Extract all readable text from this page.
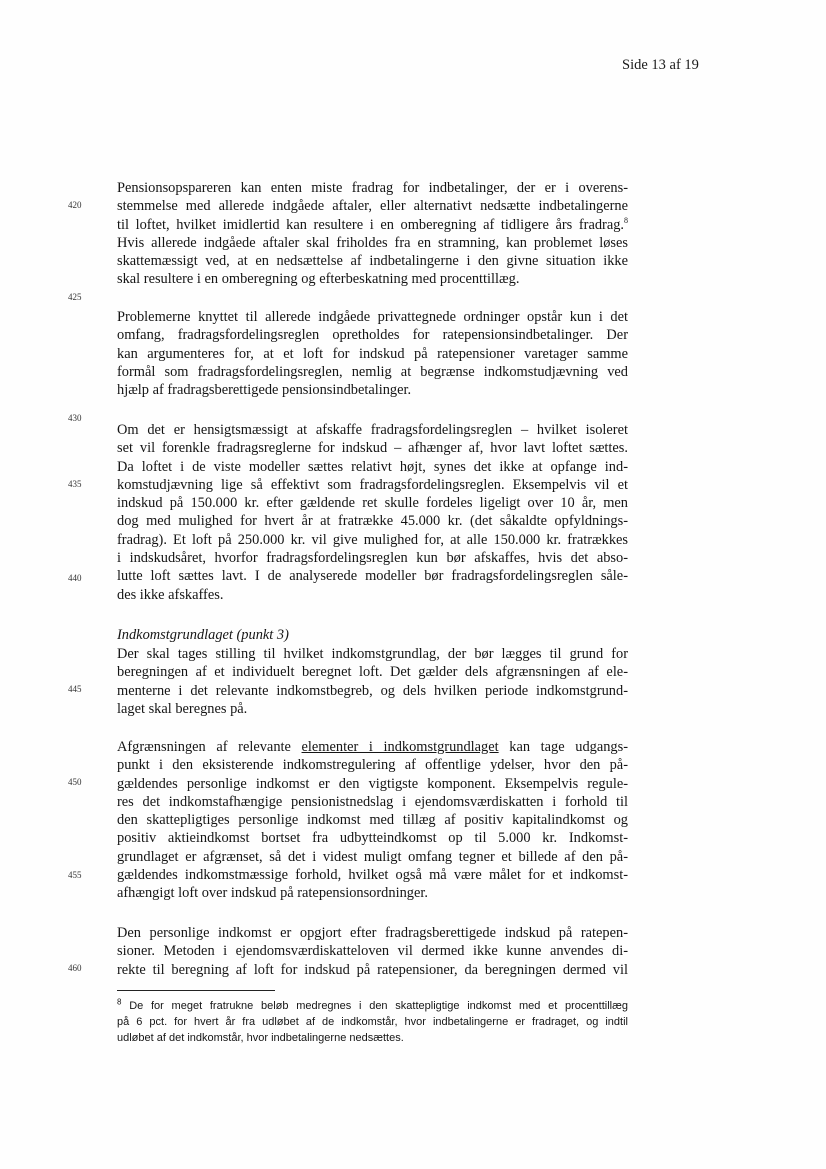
Side 13 af 19
420
425
430
435
440
445
450
455
460
Pensionsopspareren kan enten miste fradrag for indbetalinger, der er i overens-
stemmelse med allerede indgåede aftaler, eller alternativt nedsætte indbetalingerne
til loftet, hvilket imidlertid kan resultere i en omberegning af tidligere års fradrag.$^8$
Hvis allerede indgåede aftaler skal friholdes fra en stramning, kan problemet løses
skattemæssigt ved, at en nedsættelse af indbetalingerne i den givne situation ikke
skal resultere i en omberegning og efterbeskatning med procenttillæg.
Problemerne knyttet til allerede indgåede privattegnede ordninger opstår kun i det
omfang, fradragsfordelingsreglen opretholdes for ratepensionsindbetalinger. Der
kan argumenteres for, at et loft for indskud på ratepensioner varetager samme
formål som fradragsfordelingsreglen, nemlig at begrænse indkomstudjævning ved
hjælp af fradragsberettigede pensionsindbetalinger.
Om det er hensigtsmæssigt at afskaffe fradragsfordelingsreglen – hvilket isoleret
set vil forenkle fradragsreglerne for indskud – afhænger af, hvor lavt loftet sættes.
Da loftet i de viste modeller sættes relativt højt, synes det ikke at opfange ind-
komstudjævning lige så effektivt som fradragsfordelingsreglen. Eksempelvis vil et
indskud på 150.000 kr. efter gældende ret skulle fordeles ligeligt over 10 år, men
dog med mulighed for hvert år at fratrække 45.000 kr. (det såkaldte opfyldnings-
fradrag). Et loft på 250.000 kr. vil give mulighed for, at alle 150.000 kr. fratrækkes
i indskudsåret, hvorfor fradragsfordelingsreglen kun bør afskaffes, hvis det abso-
lutte loft sættes lavt. I de analyserede modeller bør fradragsfordelingsreglen såle-
des ikke afskaffes.
Indkomstgrundlaget (punkt 3)
Der skal tages stilling til hvilket indkomstgrundlag, der bør lægges til grund for
beregningen af et individuelt beregnet loft. Det gælder dels afgrænsningen af ele-
menterne i det relevante indkomstbegreb, og dels hvilken periode indkomstgrund-
laget skal beregnes på.
Afgrænsningen af relevante elementer i indkomstgrundlaget kan tage udgangs-
punkt i den eksisterende indkomstregulering af offentlige ydelser, hvor den på-
gældendes personlige indkomst er den vigtigste komponent. Eksempelvis regule-
res det indkomstafhængige pensionistnedslag i ejendomsværdiskatten i forhold til
den skattepligtiges personlige indkomst med tillæg af positiv kapitalindkomst og
positiv aktieindkomst bortset fra udbytteindkomst op til 5.000 kr. Indkomst-
grundlaget er afgrænset, så det i videst muligt omfang tegner et billede af den på-
gældendes indkomstmæssige forhold, hvilket også må være målet for et indkomst-
afhængigt loft over indskud på ratepensionsordninger.
Den personlige indkomst er opgjort efter fradragsberettigede indskud på ratepen-
sioner. Metoden i ejendomsværdiskatteloven vil dermed ikke kunne anvendes di-
rekte til beregning af loft for indskud på ratepensioner, da beregningen dermed vil
$^8$ De for meget fratrukne beløb medregnes i den skattepligtige indkomst med et procenttillæg
på 6 pct. for hvert år fra udløbet af de indkomstår, hvor indbetalingerne er fradraget, og indtil
udløbet af det indkomstår, hvor indbetalingerne nedsættes.
